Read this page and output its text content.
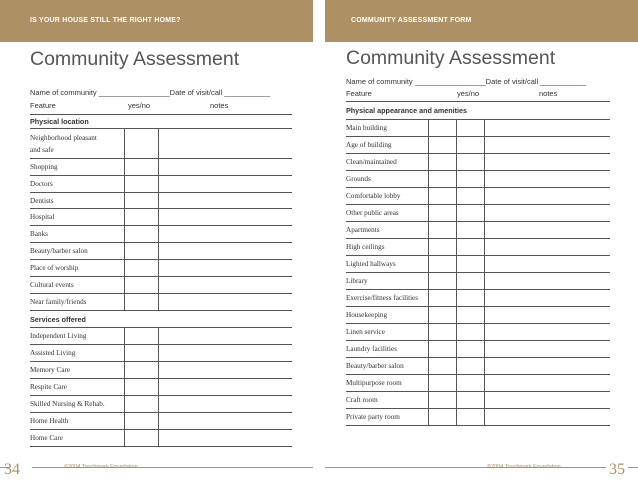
IS YOUR HOUSE STILL THE RIGHT HOME?
Community Assessment
Name of community _________________Date of visit/call ___________
Feature	yes/no	notes
Physical location
Neighborhood pleasant
and safe
Shopping
Doctors
Dentists
Hospital
Banks
Beauty/barber salon
Place of worship
Cultural events
Near family/friends
Services offered
Independent Living
Assisted Living
Memory Care
Respite Care
Skilled Nursing & Rehab.
Home Health
Home Care
34	©2004 Touchmark Foundation
COMMUNITY ASSESSMENT FORM
Community Assessment
Name of community _________________Date of visit/call ___________
Feature	yes/no	notes
Physical appearance and amenities
Main building
Age of building
Clean/maintained
Grounds
Comfortable lobby
Other public areas
Apartments
High ceilings
Lighted hallways
Library
Exercise/fitness facilities
Housekeeping
Linen service
Laundry facilities
Beauty/barber salon
Multipurpose room
Craft room
Private party room
©2004 Touchmark Foundation	35
